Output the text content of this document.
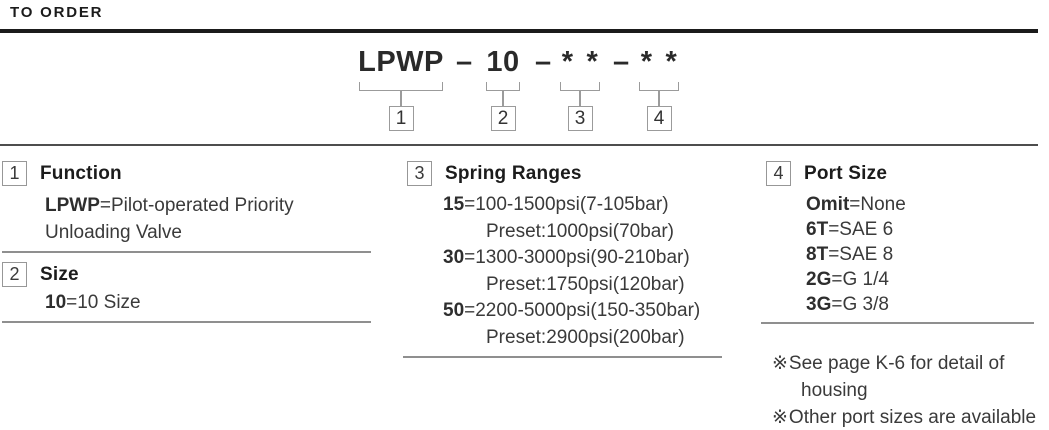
TO ORDER
LPWP
1
– 10
2
– * *
3
– * *
4
1 Function
LPWP=Pilot-operated Priority
Unloading Valve
2 Size
10=10 Size
3 Spring Ranges
15=100-1500psi(7-105bar)
Preset:1000psi(70bar)
30=1300-3000psi(90-210bar)
Preset:1750psi(120bar)
50=2200-5000psi(150-350bar)
Preset:2900psi(200bar)
4 Port Size
Omit=None
6T=SAE 6
8T=SAE 8
2G=G 1/4
3G=G 3/8
※See page K-6 for detail of
housing
※Other port sizes are available
